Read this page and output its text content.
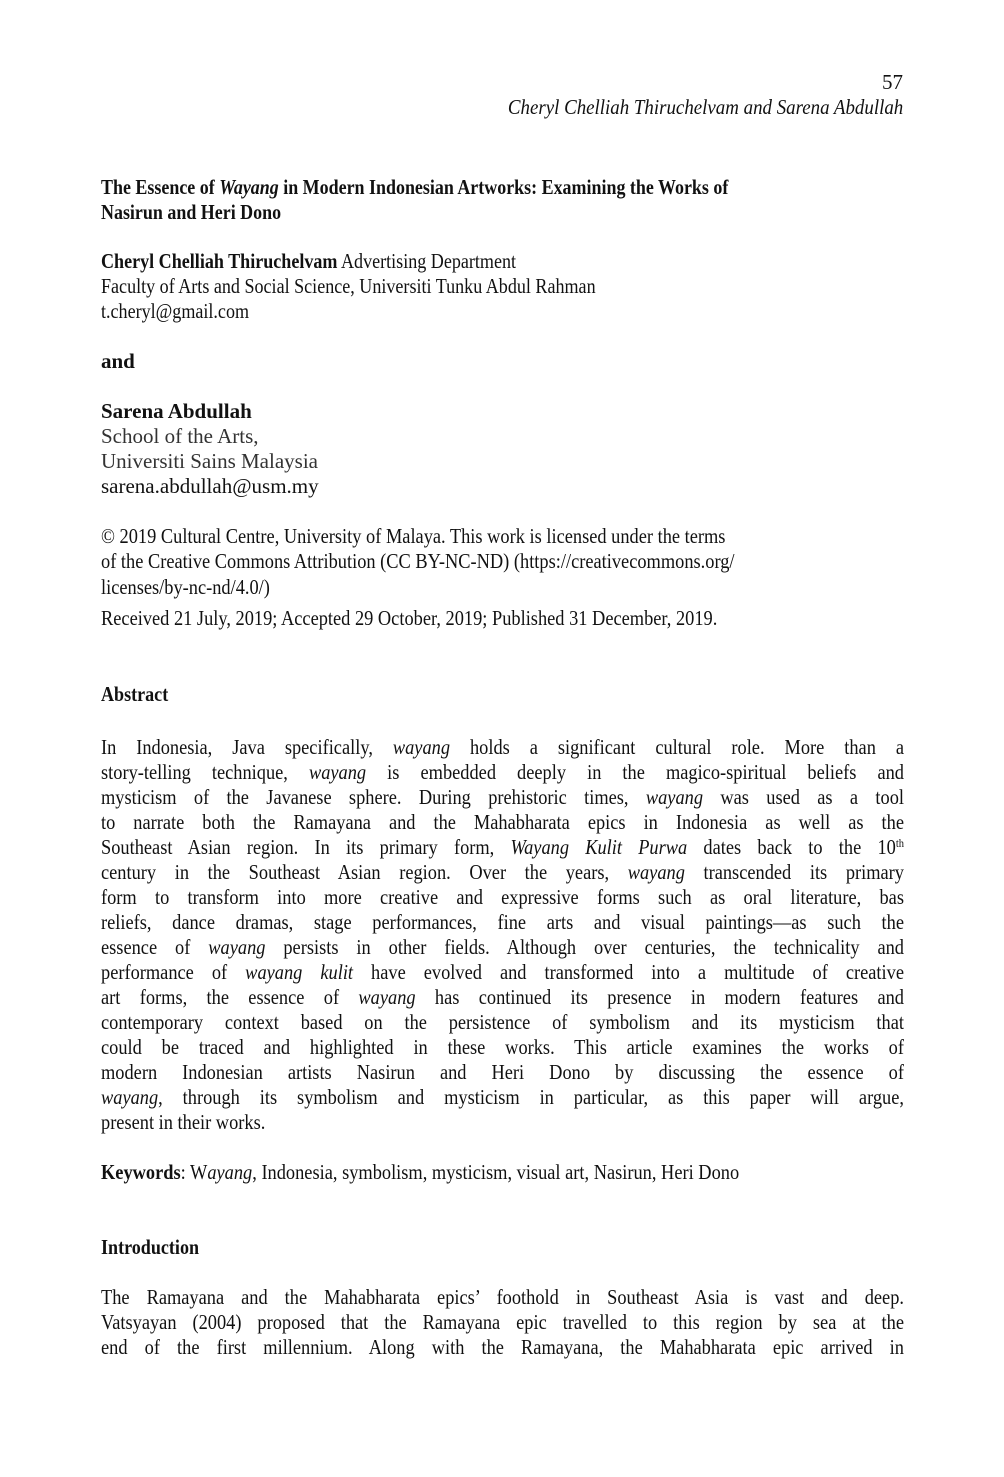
57
Cheryl Chelliah Thiruchelvam and Sarena Abdullah
The Essence of Wayang in Modern Indonesian Artworks: Examining the Works of
Nasirun and Heri Dono
Cheryl Chelliah Thiruchelvam Advertising Department
Faculty of Arts and Social Science, Universiti Tunku Abdul Rahman
t.cheryl@gmail.com
and
Sarena Abdullah
School of the Arts,
Universiti Sains Malaysia
sarena.abdullah@usm.my
© 2019 Cultural Centre, University of Malaya. This work is licensed under the terms
of the Creative Commons Attribution (CC BY-NC-ND) (https://creativecommons.org/
licenses/by-nc-nd/4.0/)
Received 21 July, 2019; Accepted 29 October, 2019; Published 31 December, 2019.
Abstract
In Indonesia, Java specifically, wayang holds a significant cultural role. More than a
story-telling technique, wayang is embedded deeply in the magico-spiritual beliefs and
mysticism of the Javanese sphere. During prehistoric times, wayang was used as a tool
to narrate both the Ramayana and the Mahabharata epics in Indonesia as well as the
Southeast Asian region. In its primary form, Wayang Kulit Purwa dates back to the 10th
century in the Southeast Asian region. Over the years, wayang transcended its primary
form to transform into more creative and expressive forms such as oral literature, bas
reliefs, dance dramas, stage performances, fine arts and visual paintings—as such the
essence of wayang persists in other fields. Although over centuries, the technicality and
performance of wayang kulit have evolved and transformed into a multitude of creative
art forms, the essence of wayang has continued its presence in modern features and
contemporary context based on the persistence of symbolism and its mysticism that
could be traced and highlighted in these works. This article examines the works of
modern Indonesian artists Nasirun and Heri Dono by discussing the essence of
wayang, through its symbolism and mysticism in particular, as this paper will argue,
present in their works.
Keywords: Wayang, Indonesia, symbolism, mysticism, visual art, Nasirun, Heri Dono
Introduction
The Ramayana and the Mahabharata epics’ foothold in Southeast Asia is vast and deep.
Vatsyayan (2004) proposed that the Ramayana epic travelled to this region by sea at the
end of the first millennium. Along with the Ramayana, the Mahabharata epic arrived in
